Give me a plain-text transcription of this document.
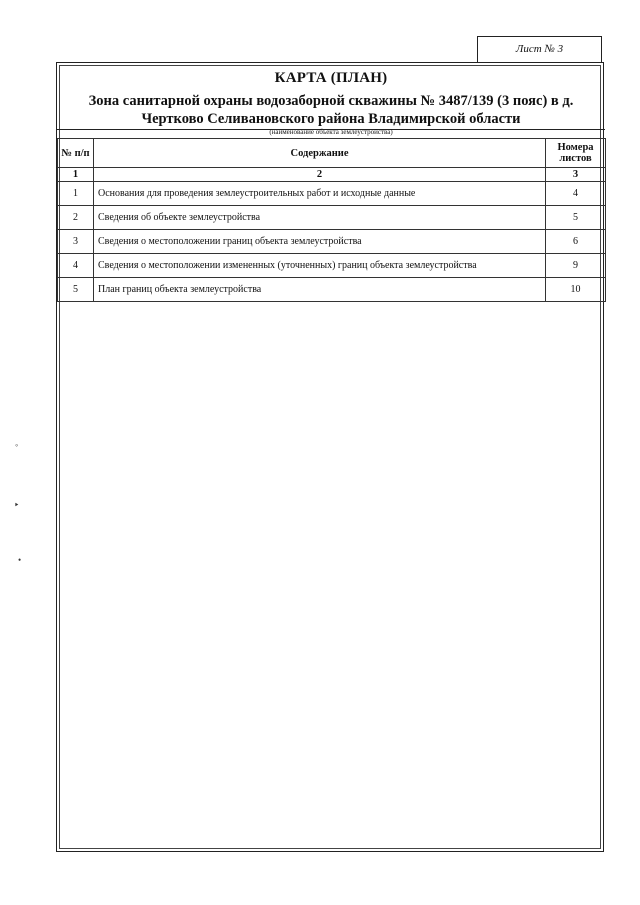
Лист № 3
КАРТА (ПЛАН)
Зона санитарной охраны водозаборной скважины № 3487/139 (3 пояс) в д.
Чертково Селивановского района Владимирской области
(наименование объекта землеустройства)
№ п/п	Содержание	Номера листов
1	2	3
1	Основания для проведения землеустроительных работ и исходные данные	4
2	Сведения об объекте землеустройства	5
3	Сведения о местоположении границ объекта землеустройства	6
4	Сведения о местоположении измененных (уточненных) границ объекта землеустройства	9
5	План границ объекта землеустройства	10
◦
‣
•
